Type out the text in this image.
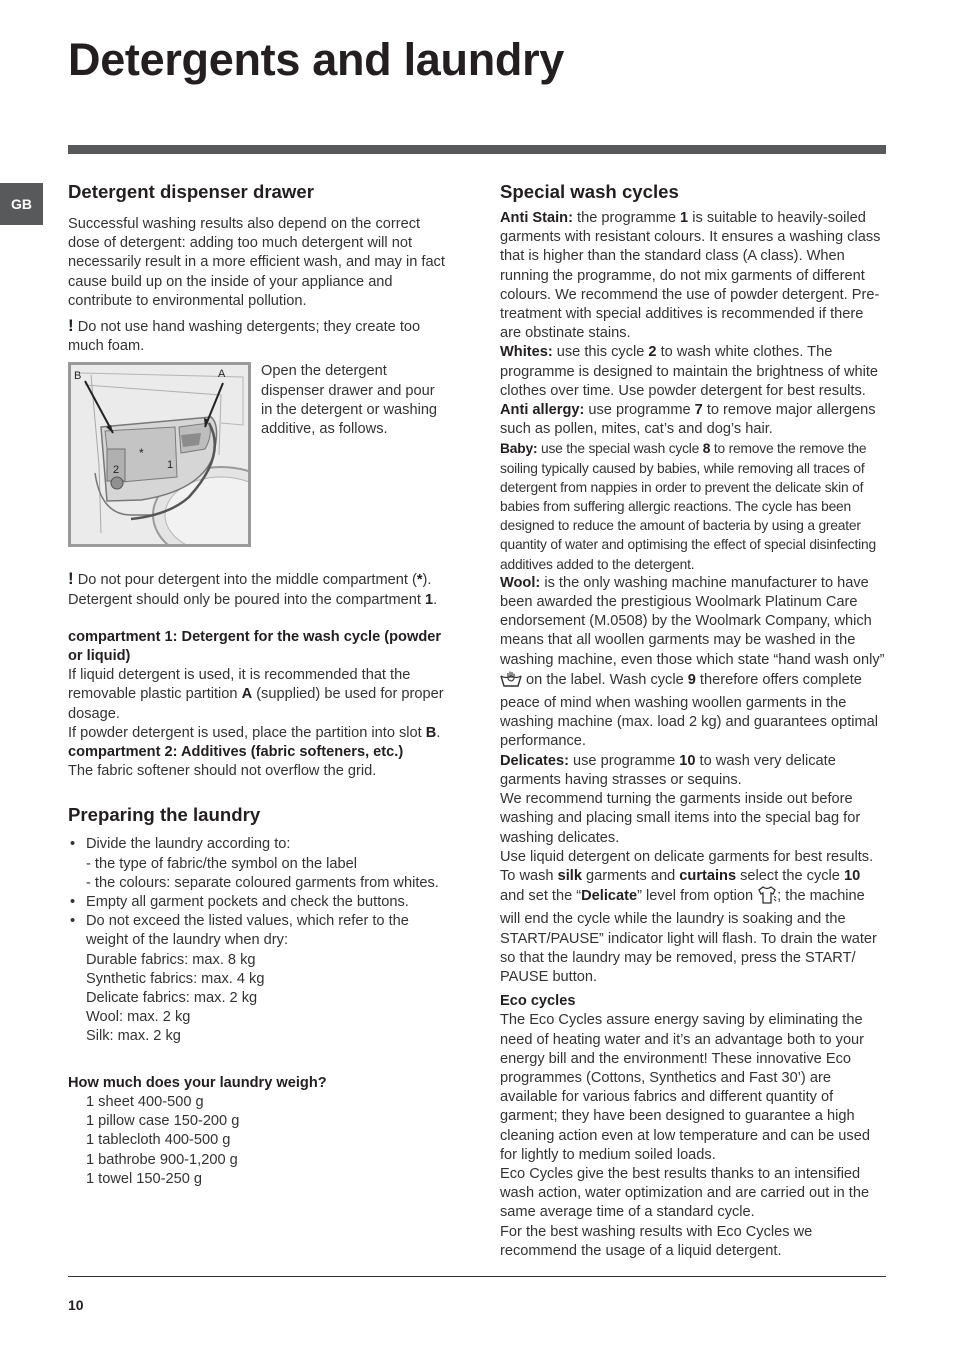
Detergents and laundry
GB
Detergent dispenser drawer

Successful washing results also depend on the correct dose of detergent: adding too much detergent will not necessarily result in a more efficient wash, and may in fact cause build up on the inside of your appliance and contribute to environmental pollution.

! Do not use hand washing detergents; they create too much foam.

B	A
*
1
2

Open the detergent dispenser drawer and pour in the detergent or washing additive, as follows.

! Do not pour detergent into the middle compartment (*). Detergent should only be poured into the compartment 1.

compartment 1: Detergent for the wash cycle (powder or liquid)

If liquid detergent is used, it is recommended that the removable plastic partition A (supplied) be used for proper dosage.

If powder detergent is used, place the partition into slot B.

compartment 2: Additives (fabric softeners, etc.)

The fabric softener should not overflow the grid.

Preparing the laundry
• Divide the laundry according to:
- the type of fabric/the symbol on the label
- the colours: separate coloured garments from whites.
• Empty all garment pockets and check the buttons.
• Do not exceed the listed values, which refer to the weight of the laundry when dry:
Durable fabrics: max. 8 kg
Synthetic fabrics: max. 4 kg
Delicate fabrics: max. 2 kg
Wool: max. 2 kg
Silk: max. 2 kg

How much does your laundry weigh?

1 sheet 400-500 g
1 pillow case 150-200 g
1 tablecloth 400-500 g
1 bathrobe 900-1,200 g
1 towel 150-250 g
Special wash cycles

Anti Stain: the programme 1 is suitable to heavily-soiled garments with resistant colours. It ensures a washing class that is higher than the standard class (A class). When running the programme, do not mix garments of different colours. We recommend the use of powder detergent. Pre-treatment with special additives is recommended if there are obstinate stains.

Whites: use this cycle 2 to wash white clothes. The programme is designed to maintain the brightness of white clothes over time. Use powder detergent for best results.

Anti allergy: use programme 7 to remove major allergens such as pollen, mites, cat’s and dog’s hair.

Baby: use the special wash cycle 8 to remove the remove the soiling typically caused by babies, while removing all traces of detergent from nappies in order to prevent the delicate skin of babies from suffering allergic reactions. The cycle has been designed to reduce the amount of bacteria by using a greater quantity of water and optimising the effect of special disinfecting additives added to the detergent.

Wool: is the only washing machine manufacturer to have been awarded the prestigious Woolmark Platinum Care endorsement (M.0508) by the Woolmark Company, which means that all woollen garments may be washed in the washing machine, even those which state “hand wash only”  on the label. Wash cycle 9 therefore offers complete peace of mind when washing woollen garments in the washing machine (max. load 2 kg) and guarantees optimal performance.

Delicates: use programme 10 to wash very delicate garments having strasses or sequins.

We recommend turning the garments inside out before washing and placing small items into the special bag for washing delicates.

Use liquid detergent on delicate garments for best results. To wash silk garments and curtains select the cycle 10 and set the “Delicate” level from option ; the machine will end the cycle while the laundry is soaking and the START/PAUSE” indicator light will flash. To drain the water so that the laundry may be removed, press the START/ PAUSE button.

Eco cycles

The Eco Cycles assure energy saving by eliminating the need of heating water and it’s an advantage both to your energy bill and the environment! These innovative Eco programmes (Cottons, Synthetics and Fast 30’) are available for various fabrics and different quantity of garment; they have been designed to guarantee a high cleaning action even at low temperature and can be used for lightly to medium soiled loads.

Eco Cycles give the best results thanks to an intensified wash action, water optimization and are carried out in the same average time of a standard cycle.

For the best washing results with Eco Cycles we recommend the usage of a liquid detergent.

10
